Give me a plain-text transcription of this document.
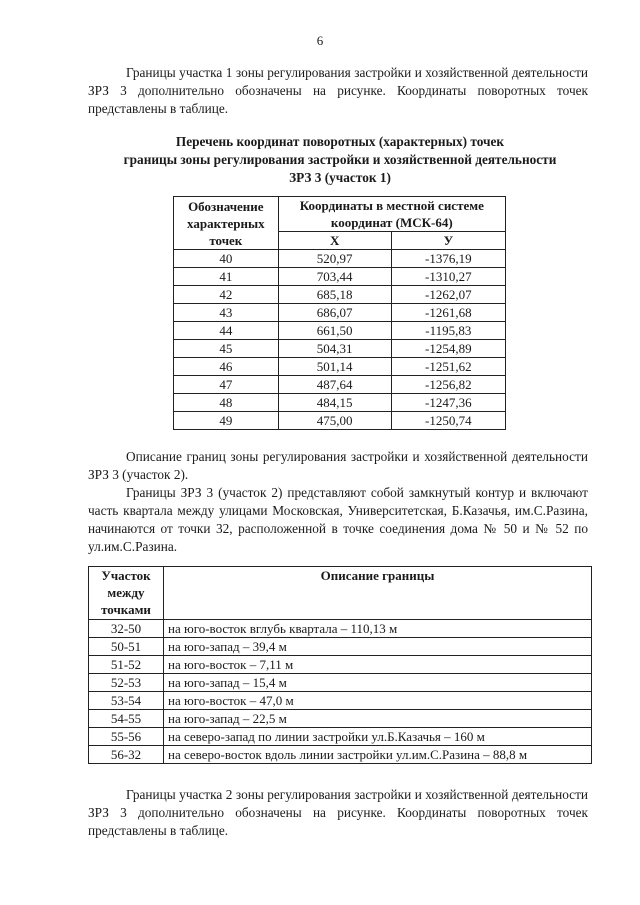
6
Границы участка 1 зоны регулирования застройки и хозяйственной деятельности ЗРЗ 3 дополнительно обозначены на рисунке. Координаты поворотных точек представлены в таблице.
Перечень координат поворотных (характерных) точек
границы зоны регулирования застройки и хозяйственной деятельности
ЗРЗ 3 (участок 1)
Обозначение характерных точек	Координаты в местной системе координат (МСК-64)	
	Х	У
40	520,97	-1376,19
41	703,44	-1310,27
42	685,18	-1262,07
43	686,07	-1261,68
44	661,50	-1195,83
45	504,31	-1254,89
46	501,14	-1251,62
47	487,64	-1256,82
48	484,15	-1247,36
49	475,00	-1250,74
Описание границ зоны регулирования застройки и хозяйственной деятельности ЗРЗ 3 (участок 2).
Границы ЗРЗ 3 (участок 2) представляют собой замкнутый контур и включают часть квартала между улицами Московская, Университетская, Б.Казачья, им.С.Разина, начинаются от точки 32, расположенной в точке соединения дома № 50 и № 52 по ул.им.С.Разина.
Участок между точками	Описание границы
32-50	на юго-восток вглубь квартала – 110,13 м
50-51	на юго-запад – 39,4 м
51-52	на юго-восток – 7,11 м
52-53	на юго-запад – 15,4 м
53-54	на юго-восток – 47,0 м
54-55	на юго-запад – 22,5 м
55-56	на северо-запад по линии застройки ул.Б.Казачья – 160 м
56-32	на северо-восток вдоль линии застройки ул.им.С.Разина – 88,8 м
Границы участка 2 зоны регулирования застройки и хозяйственной деятельности ЗРЗ 3 дополнительно обозначены на рисунке. Координаты поворотных точек представлены в таблице.
